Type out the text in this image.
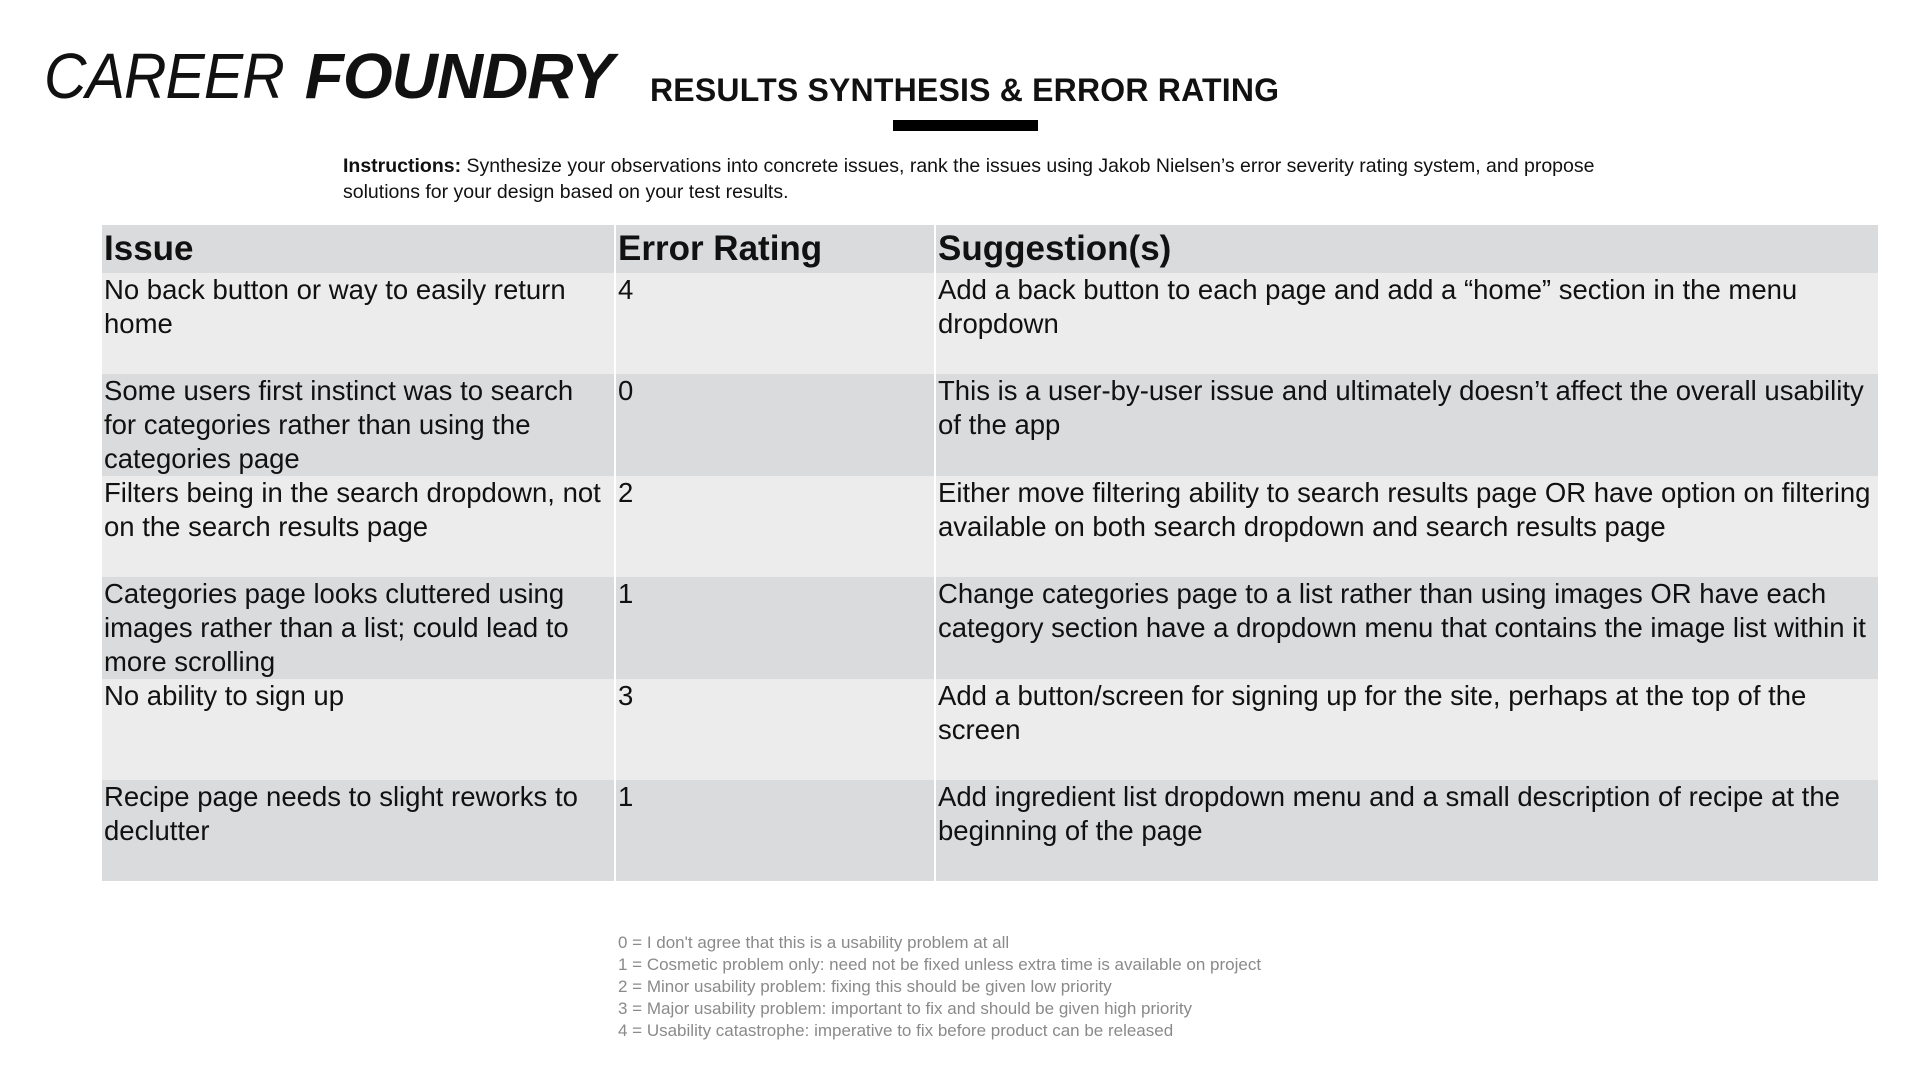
CAREER FOUNDRY RESULTS SYNTHESIS & ERROR RATING
Instructions: Synthesize your observations into concrete issues, rank the issues using Jakob Nielsen’s error severity rating system, and propose solutions for your design based on your test results.
Issue	Error Rating	Suggestion(s)
No back button or way to easily return home	4	Add a back button to each page and add a “home” section in the menu dropdown
Some users first instinct was to search for categories rather than using the categories page	0	This is a user-by-user issue and ultimately doesn’t affect the overall usability of the app
Filters being in the search dropdown, not on the search results page	2	Either move filtering ability to search results page OR have option on filtering available on both search dropdown and search results page
Categories page looks cluttered using images rather than a list; could lead to more scrolling	1	Change categories page to a list rather than using images OR have each category section have a dropdown menu that contains the image list within it
No ability to sign up	3	Add a button/screen for signing up for the site, perhaps at the top of the screen
Recipe page needs to slight reworks to declutter	1	Add ingredient list dropdown menu and a small description of recipe at the beginning of the page
0 = I don't agree that this is a usability problem at all
1 = Cosmetic problem only: need not be fixed unless extra time is available on project
2 = Minor usability problem: fixing this should be given low priority
3 = Major usability problem: important to fix and should be given high priority
4 = Usability catastrophe: imperative to fix before product can be released
